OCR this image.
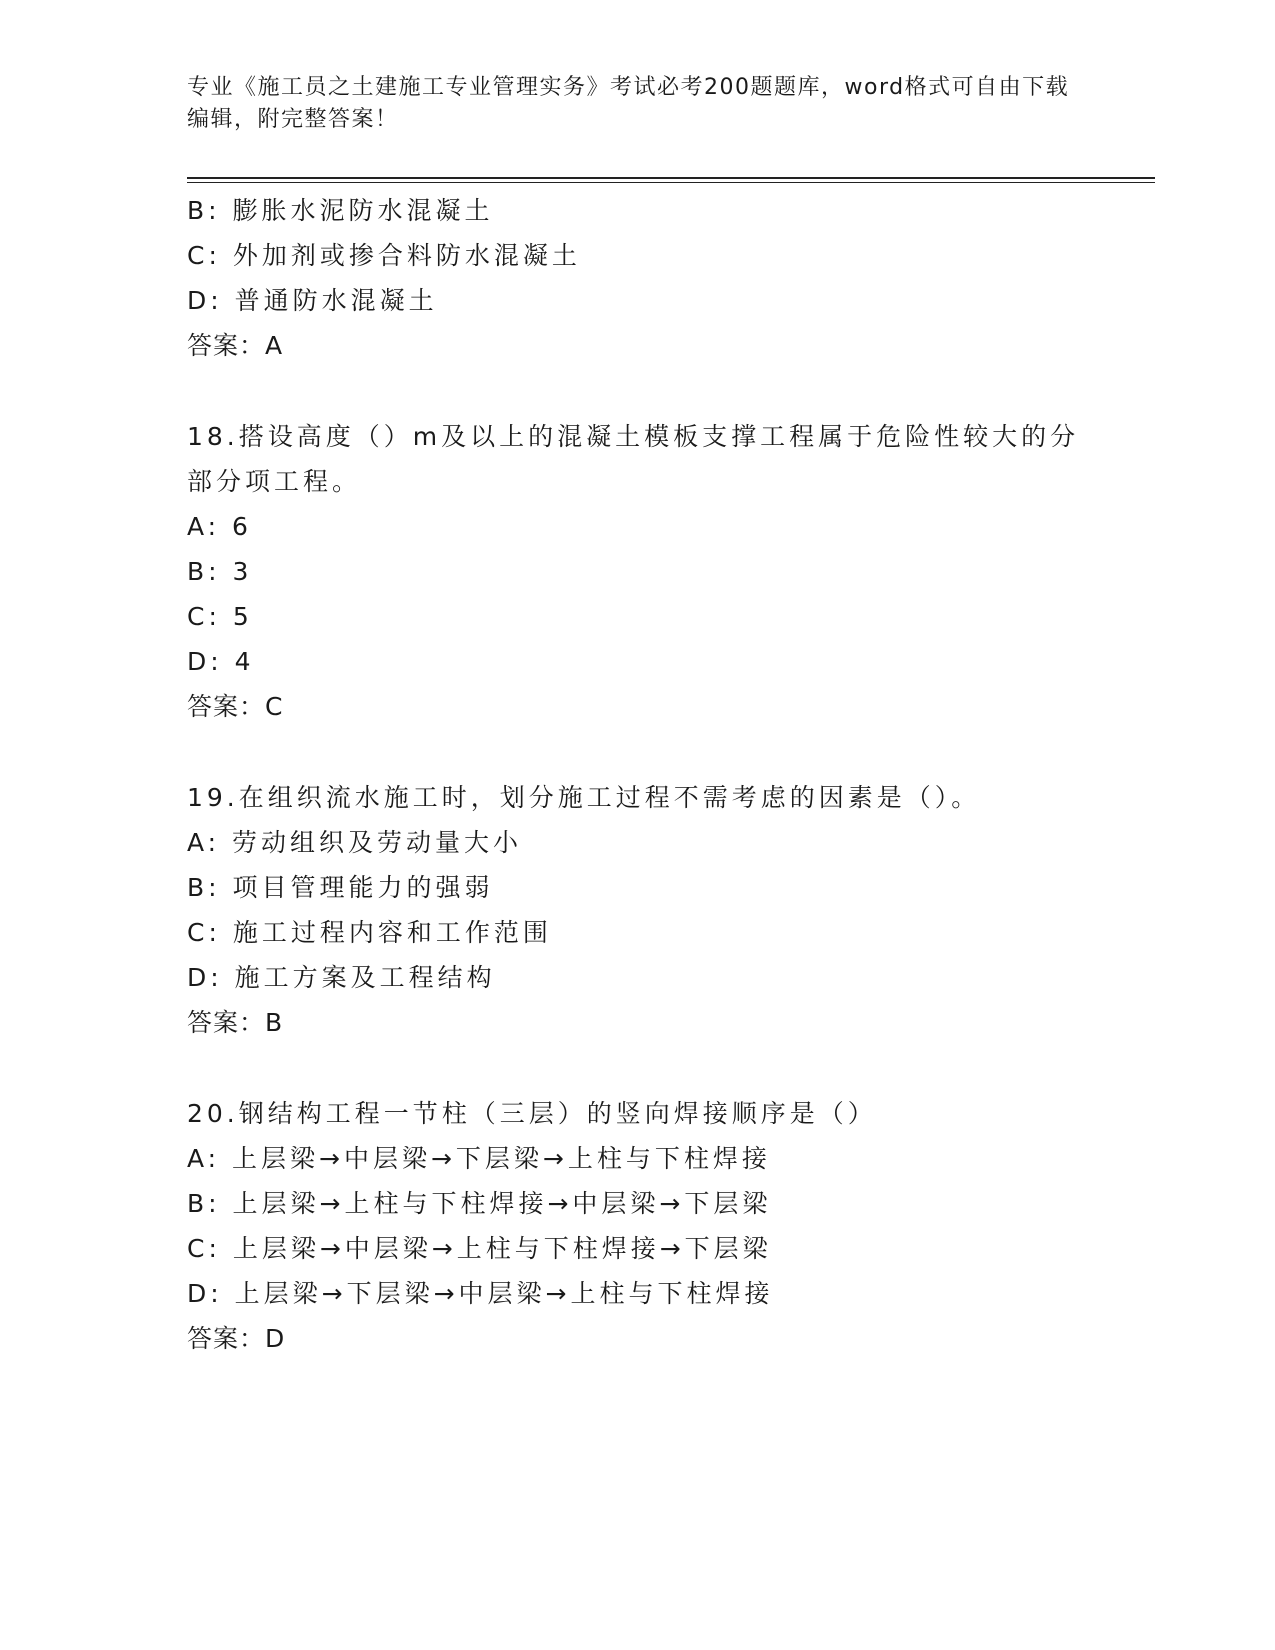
专业《施工员之土建施工专业管理实务》考试必考200题题库，word格式可自由下载编辑，附完整答案！
B: 膨胀水泥防水混凝土
C: 外加剂或掺合料防水混凝土
D: 普通防水混凝土
答案：A
18.搭设高度（）m及以上的混凝土模板支撑工程属于危险性较大的分部分项工程。
A: 6
B: 3
C: 5
D: 4
答案：C
19.在组织流水施工时，划分施工过程不需考虑的因素是（）。
A: 劳动组织及劳动量大小
B: 项目管理能力的强弱
C: 施工过程内容和工作范围
D: 施工方案及工程结构
答案：B
20.钢结构工程一节柱（三层）的竖向焊接顺序是（）
A: 上层梁→中层梁→下层梁→上柱与下柱焊接
B: 上层梁→上柱与下柱焊接→中层梁→下层梁
C: 上层梁→中层梁→上柱与下柱焊接→下层梁
D: 上层梁→下层梁→中层梁→上柱与下柱焊接
答案：D
